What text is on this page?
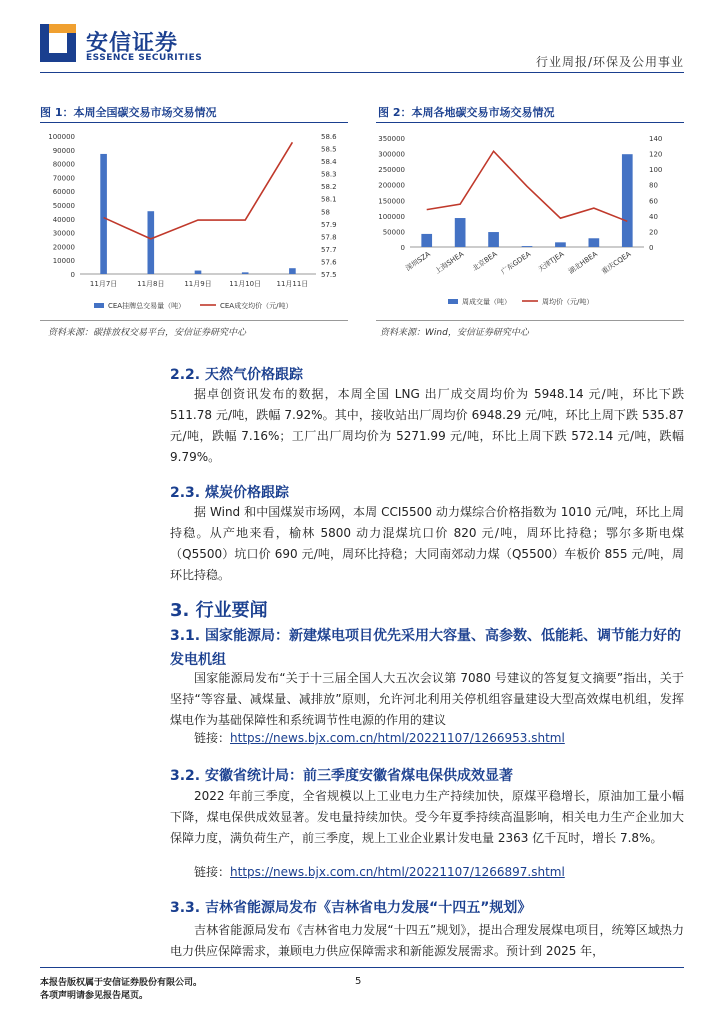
安信证券
ESSENCE SECURITIES	行业周报/环保及公用事业
图 1：本周全国碳交易市场交易情况
100000
90000
80000
70000
60000
50000
40000
30000
20000
10000
0
58.6
58.5
58.4
58.3
58.2
58.1
58
57.9
57.8
57.7
57.6
57.5
11月7日	11月8日	11月9日	11月10日 11月11日
CEA挂牌总交易量（吨）	CEA成交均价（元/吨）
资料来源：碳排放权交易平台，安信证券研究中心
图 2：本周各地碳交易市场交易情况
350000
300000
250000
200000
150000
100000
50000
0
140
120
100
80
60
40
20
0
深圳SZA 上海SHEA 北京BEA 广东GDEA 天津TJEA 湖北HBEA 重庆CQEA
周成交量（吨）	周均价（元/吨）
资料来源：Wind，安信证券研究中心
2.2. 天然气价格跟踪
据卓创资讯发布的数据，本周全国 LNG 出厂成交周均价为 5948.14 元/吨，环比下跌 511.78 元/吨，跌幅 7.92%。其中，接收站出厂周均价 6948.29 元/吨，环比上周下跌 535.87 元/吨，跌幅 7.16%；工厂出厂周均价为 5271.99 元/吨，环比上周下跌 572.14 元/吨，跌幅 9.79%。
2.3. 煤炭价格跟踪
据 Wind 和中国煤炭市场网，本周 CCI5500 动力煤综合价格指数为 1010 元/吨，环比上周持稳。从产地来看，榆林 5800 动力混煤坑口价 820 元/吨，周环比持稳；鄂尔多斯电煤（Q5500）坑口价 690 元/吨，周环比持稳；大同南郊动力煤（Q5500）车板价 855 元/吨，周环比持稳。
3. 行业要闻
3.1. 国家能源局：新建煤电项目优先采用大容量、高参数、低能耗、调节能力好的发电机组
国家能源局发布“关于十三届全国人大五次会议第 7080 号建议的答复复文摘要”指出，关于坚持“等容量、减煤量、减排放”原则，允许河北利用关停机组容量建设大型高效煤电机组，发挥煤电作为基础保障性和系统调节性电源的作用的建议
链接：https://news.bjx.com.cn/html/20221107/1266953.shtml
3.2. 安徽省统计局：前三季度安徽省煤电保供成效显著
2022 年前三季度，全省规模以上工业电力生产持续加快，原煤平稳增长，原油加工量小幅下降，煤电保供成效显著。发电量持续加快。受今年夏季持续高温影响，相关电力生产企业加大保障力度，满负荷生产，前三季度，规上工业企业累计发电量 2363 亿千瓦时，增长 7.8%。
链接：https://news.bjx.com.cn/html/20221107/1266897.shtml
3.3. 吉林省能源局发布《吉林省电力发展“十四五”规划》
吉林省能源局发布《吉林省电力发展“十四五”规划》，提出合理发展煤电项目，统筹区域热力电力供应保障需求，兼顾电力供应保障需求和新能源发展需求。预计到 2025 年，
本报告版权属于安信证券股份有限公司。
各项声明请参见报告尾页。
5
